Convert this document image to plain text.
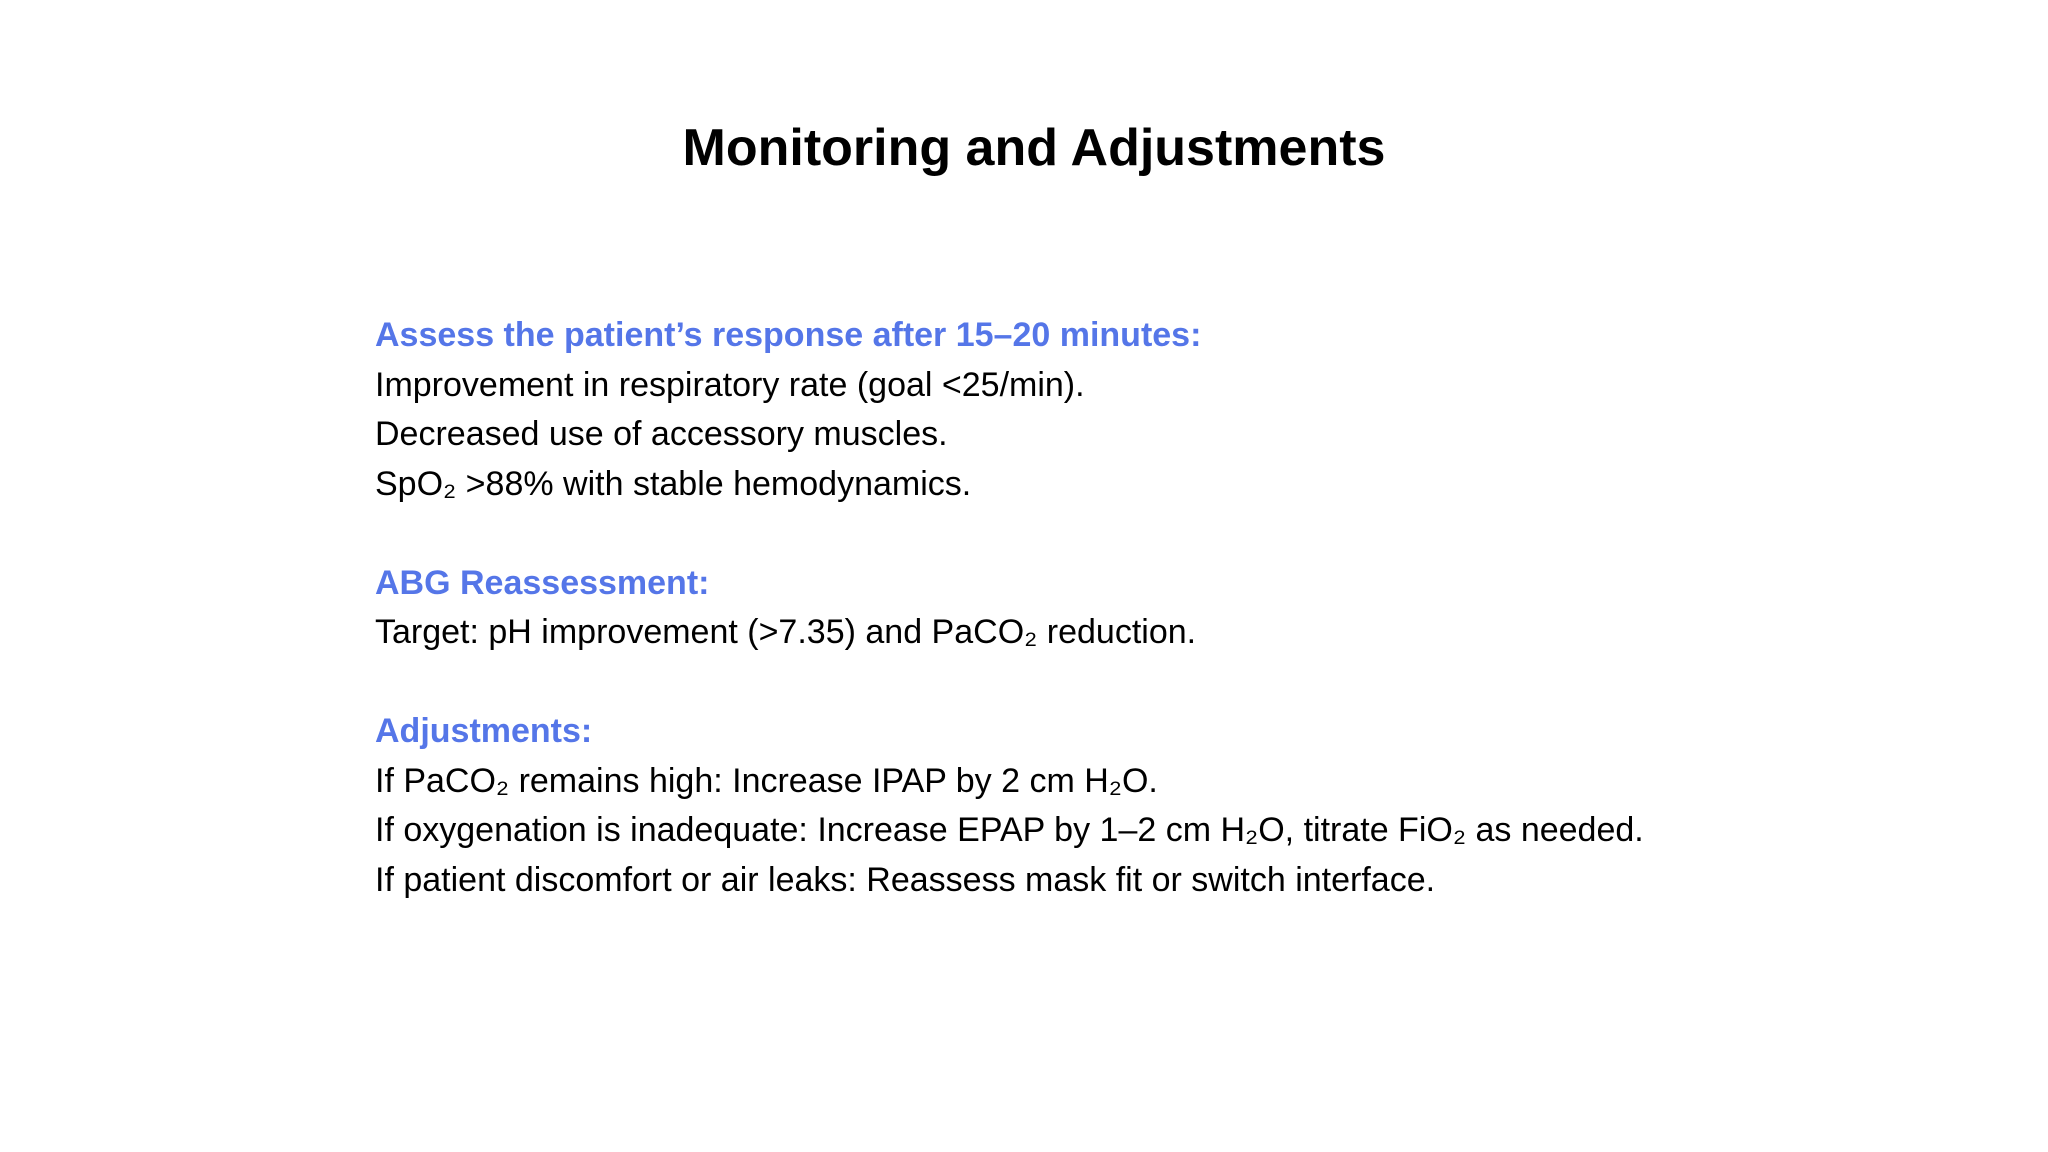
Monitoring and Adjustments
Assess the patient’s response after 15–20 minutes:
Improvement in respiratory rate (goal <25/min).
Decreased use of accessory muscles.
SpO₂ >88% with stable hemodynamics.
ABG Reassessment:
Target: pH improvement (>7.35) and PaCO₂ reduction.
Adjustments:
If PaCO₂ remains high: Increase IPAP by 2 cm H₂O.
If oxygenation is inadequate: Increase EPAP by 1–2 cm H₂O, titrate FiO₂ as needed.
If patient discomfort or air leaks: Reassess mask fit or switch interface.
